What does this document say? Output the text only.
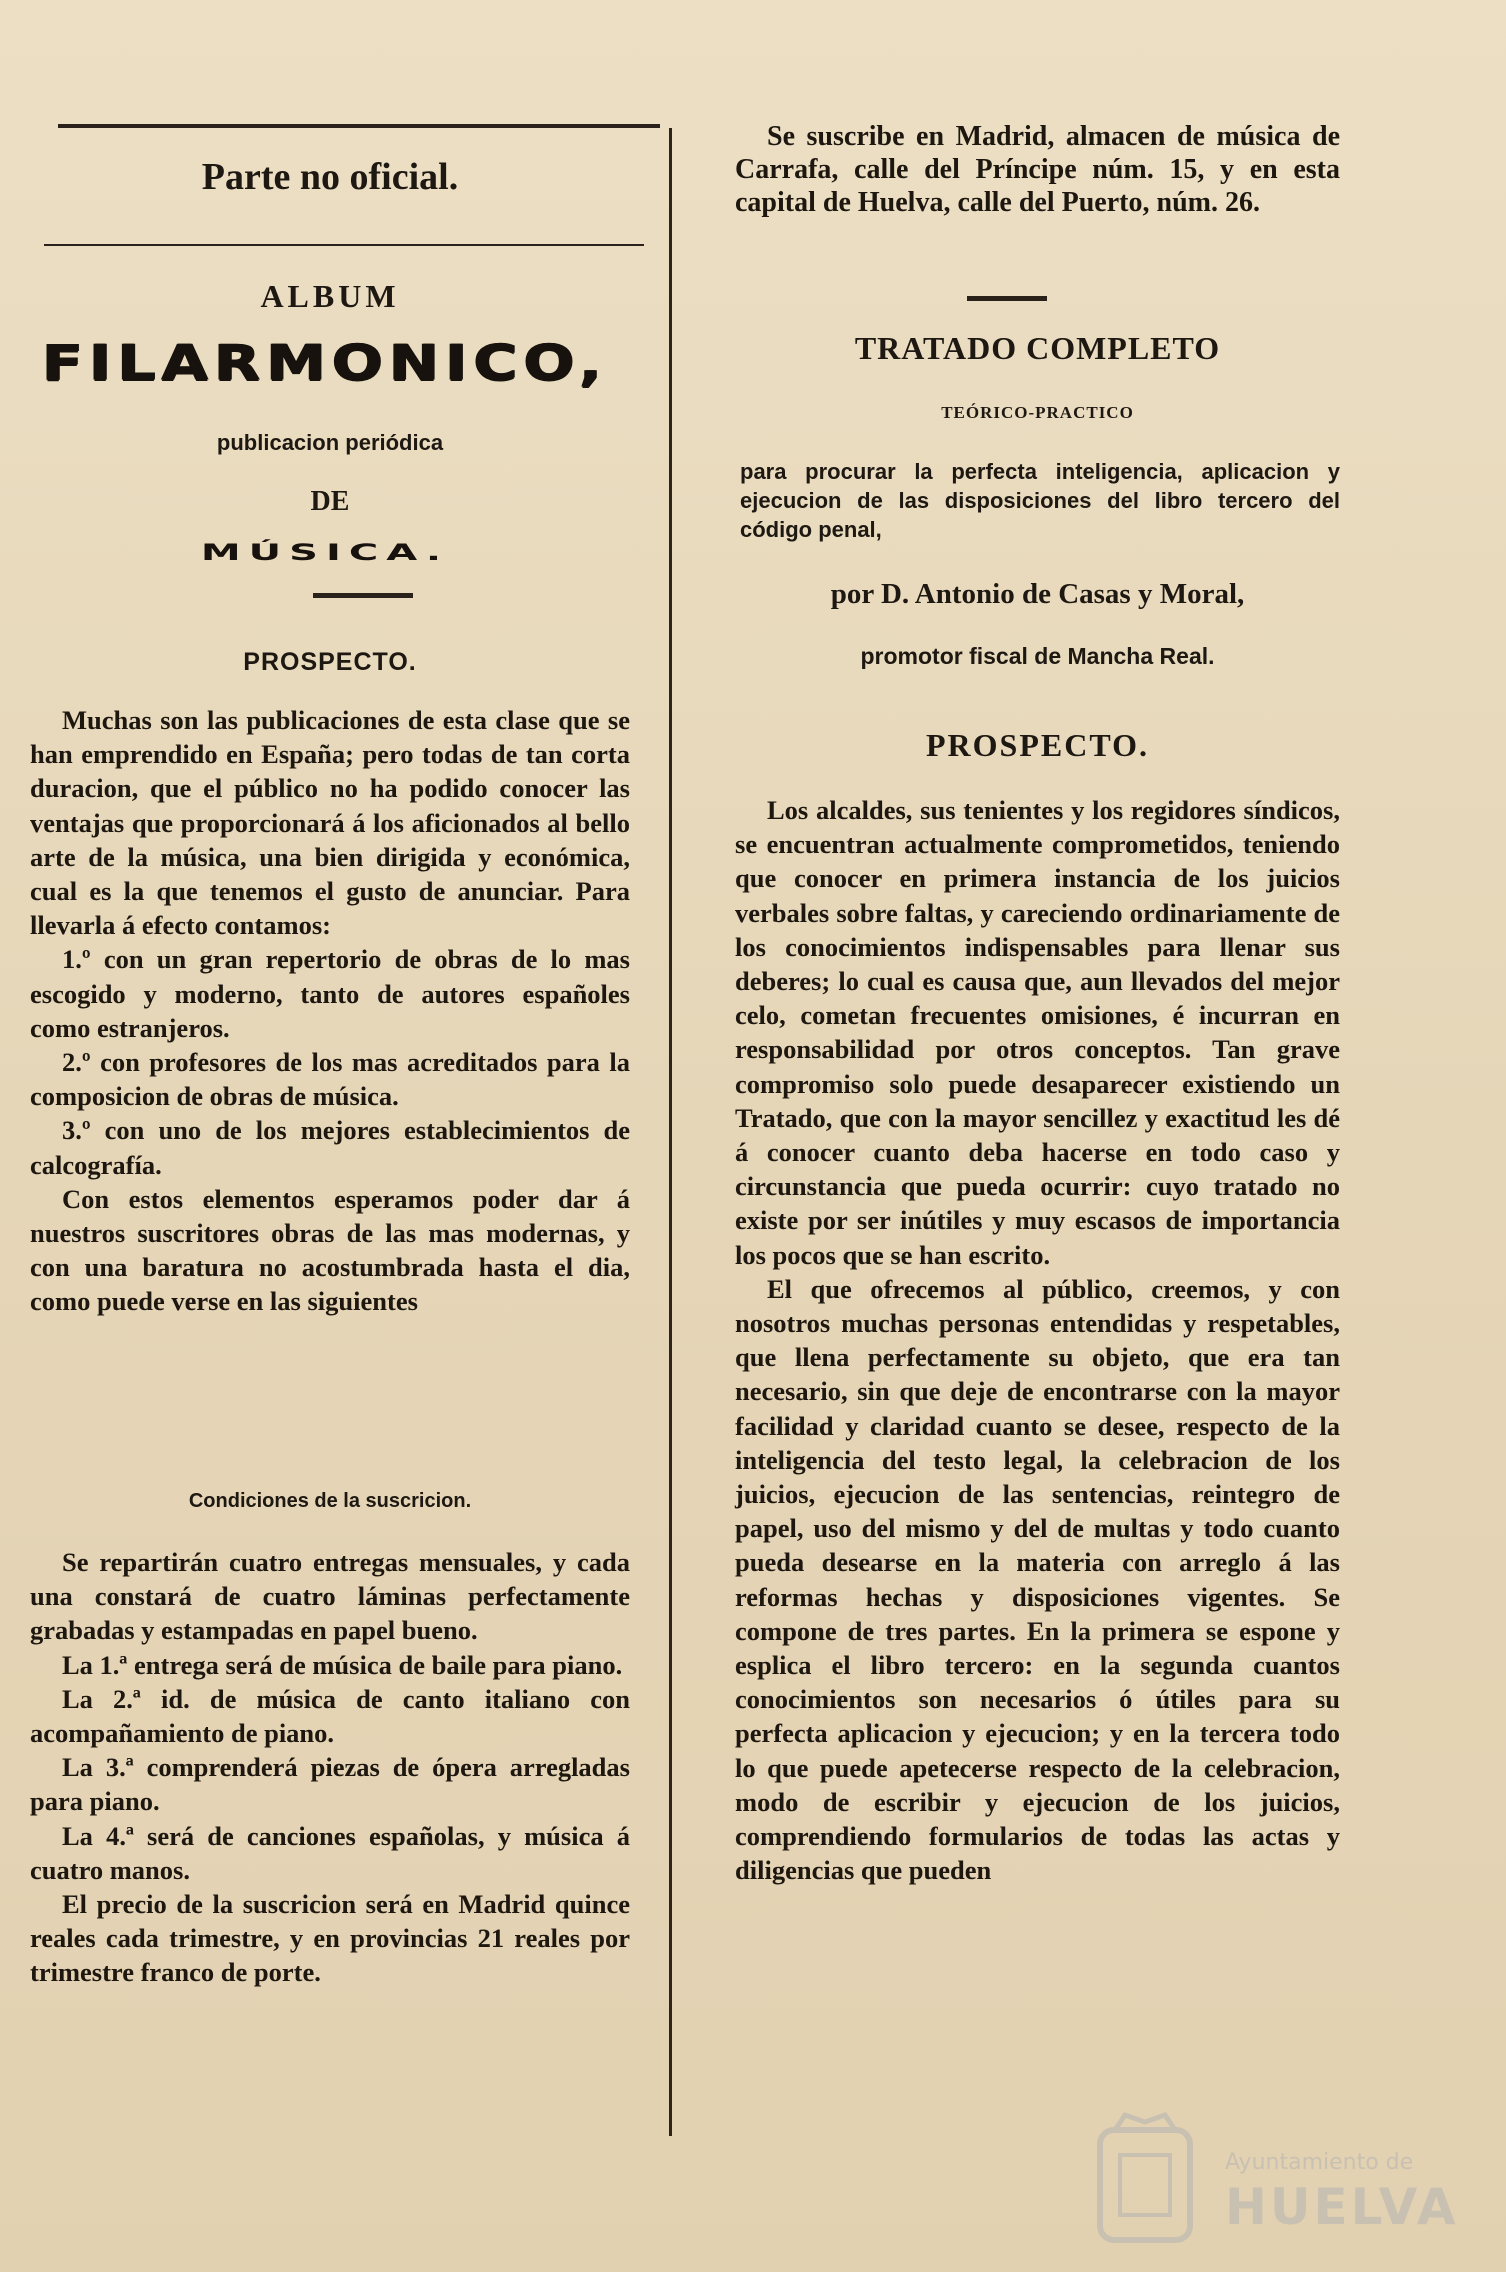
Parte no oficial.
ALBUM
FILARMONICO,
publicacion periódica
DE
MÚSICA.
PROSPECTO.

Muchas son las publicaciones de esta clase que se han emprendido en España; pero todas de tan corta duracion, que el público no ha podido conocer las ventajas que proporcionará á los aficionados al bello arte de la música, una bien dirigida y económica, cual es la que tenemos el gusto de anunciar. Para llevarla á efecto contamos:

1.º con un gran repertorio de obras de lo mas escogido y moderno, tanto de autores españoles como estranjeros.

2.º con profesores de los mas acreditados para la composicion de obras de música.

3.º con uno de los mejores establecimientos de calcografía.

Con estos elementos esperamos poder dar á nuestros suscritores obras de las mas modernas, y con una baratura no acostumbrada hasta el dia, como puede verse en las siguientes

Condiciones de la suscricion.

Se repartirán cuatro entregas mensuales, y cada una constará de cuatro láminas perfectamente grabadas y estampadas en papel bueno.

La 1.ª entrega será de música de baile para piano.

La 2.ª id. de música de canto italiano con acompañamiento de piano.

La 3.ª comprenderá piezas de ópera arregladas para piano.

La 4.ª será de canciones españolas, y música á cuatro manos.

El precio de la suscricion será en Madrid quince reales cada trimestre, y en provincias 21 reales por trimestre franco de porte.

Se suscribe en Madrid, almacen de música de Carrafa, calle del Príncipe núm. 15, y en esta capital de Huelva, calle del Puerto, núm. 26.

TRATADO COMPLETO
TEÓRICO-PRACTICO
para procurar la perfecta inteligencia, aplicacion y ejecucion de las disposiciones del libro tercero del código penal,
por D. Antonio de Casas y Moral,
promotor fiscal de Mancha Real.
PROSPECTO.

Los alcaldes, sus tenientes y los regidores síndicos, se encuentran actualmente comprometidos, teniendo que conocer en primera instancia de los juicios verbales sobre faltas, y careciendo ordinariamente de los conocimientos indispensables para llenar sus deberes; lo cual es causa que, aun llevados del mejor celo, cometan frecuentes omisiones, é incurran en responsabilidad por otros conceptos. Tan grave compromiso solo puede desaparecer existiendo un Tratado, que con la mayor sencillez y exactitud les dé á conocer cuanto deba hacerse en todo caso y circunstancia que pueda ocurrir: cuyo tratado no existe por ser inútiles y muy escasos de importancia los pocos que se han escrito.

El que ofrecemos al público, creemos, y con nosotros muchas personas entendidas y respetables, que llena perfectamente su objeto, que era tan necesario, sin que deje de encontrarse con la mayor facilidad y claridad cuanto se desee, respecto de la inteligencia del testo legal, la celebracion de los juicios, ejecucion de las sentencias, reintegro de papel, uso del mismo y del de multas y todo cuanto pueda desearse en la materia con arreglo á las reformas hechas y disposiciones vigentes. Se compone de tres partes. En la primera se espone y esplica el libro tercero: en la segunda cuantos conocimientos son necesarios ó útiles para su perfecta aplicacion y ejecucion; y en la tercera todo lo que puede apetecerse respecto de la celebracion, modo de escribir y ejecucion de los juicios, comprendiendo formularios de todas las actas y diligencias que pueden

Ayuntamiento de
HUELVA
